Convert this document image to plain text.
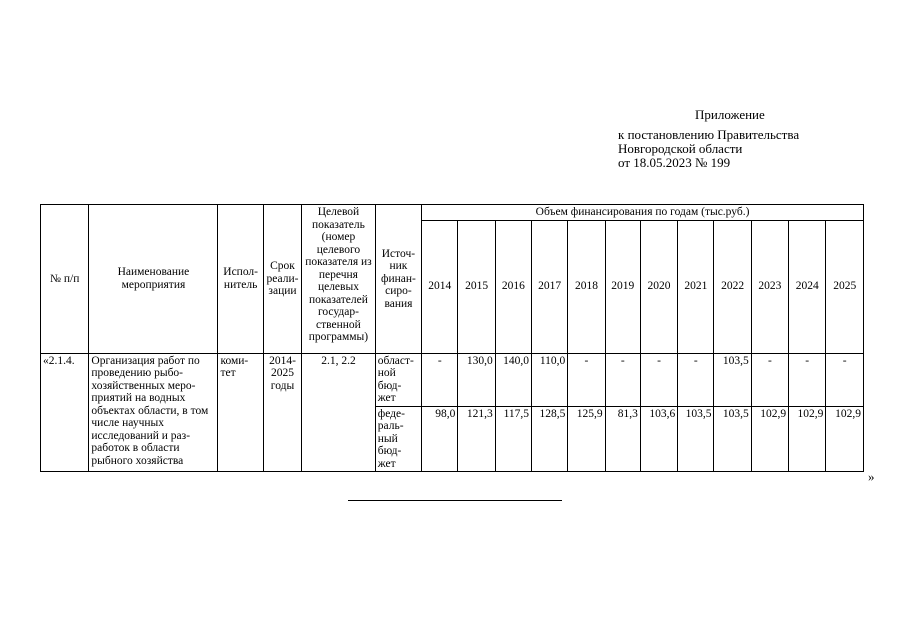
Приложение
к постановлению Правительства
Новгородской области
от 18.05.2023 № 199
№ п/п	Наименование мероприятия	Испол-нитель	Срок реали-зации	Целевой показатель (номер целевого показателя из перечня целевых показателей государ-ственной программы)	Источ-ник финан-сиро-вания	Объем финансирования по годам (тыс.руб.)											
						2014	2015	2016	2017	2018	2019	2020	2021	2022	2023	2024	2025
«2.1.4.	Организация работ по проведению рыбо-хозяйственных меро-приятий на водных объектах области, в том числе научных исследований и раз-работок в области рыбного хозяйства	коми-тет	2014-2025 годы	2.1, 2.2	област-ной бюд-жет	-	130,0	140,0	110,0	-	-	-	-	103,5	-	-	-
					феде-раль-ный бюд-жет	98,0	121,3	117,5	128,5	125,9	81,3	103,6	103,5	103,5	102,9	102,9	102,9
»
